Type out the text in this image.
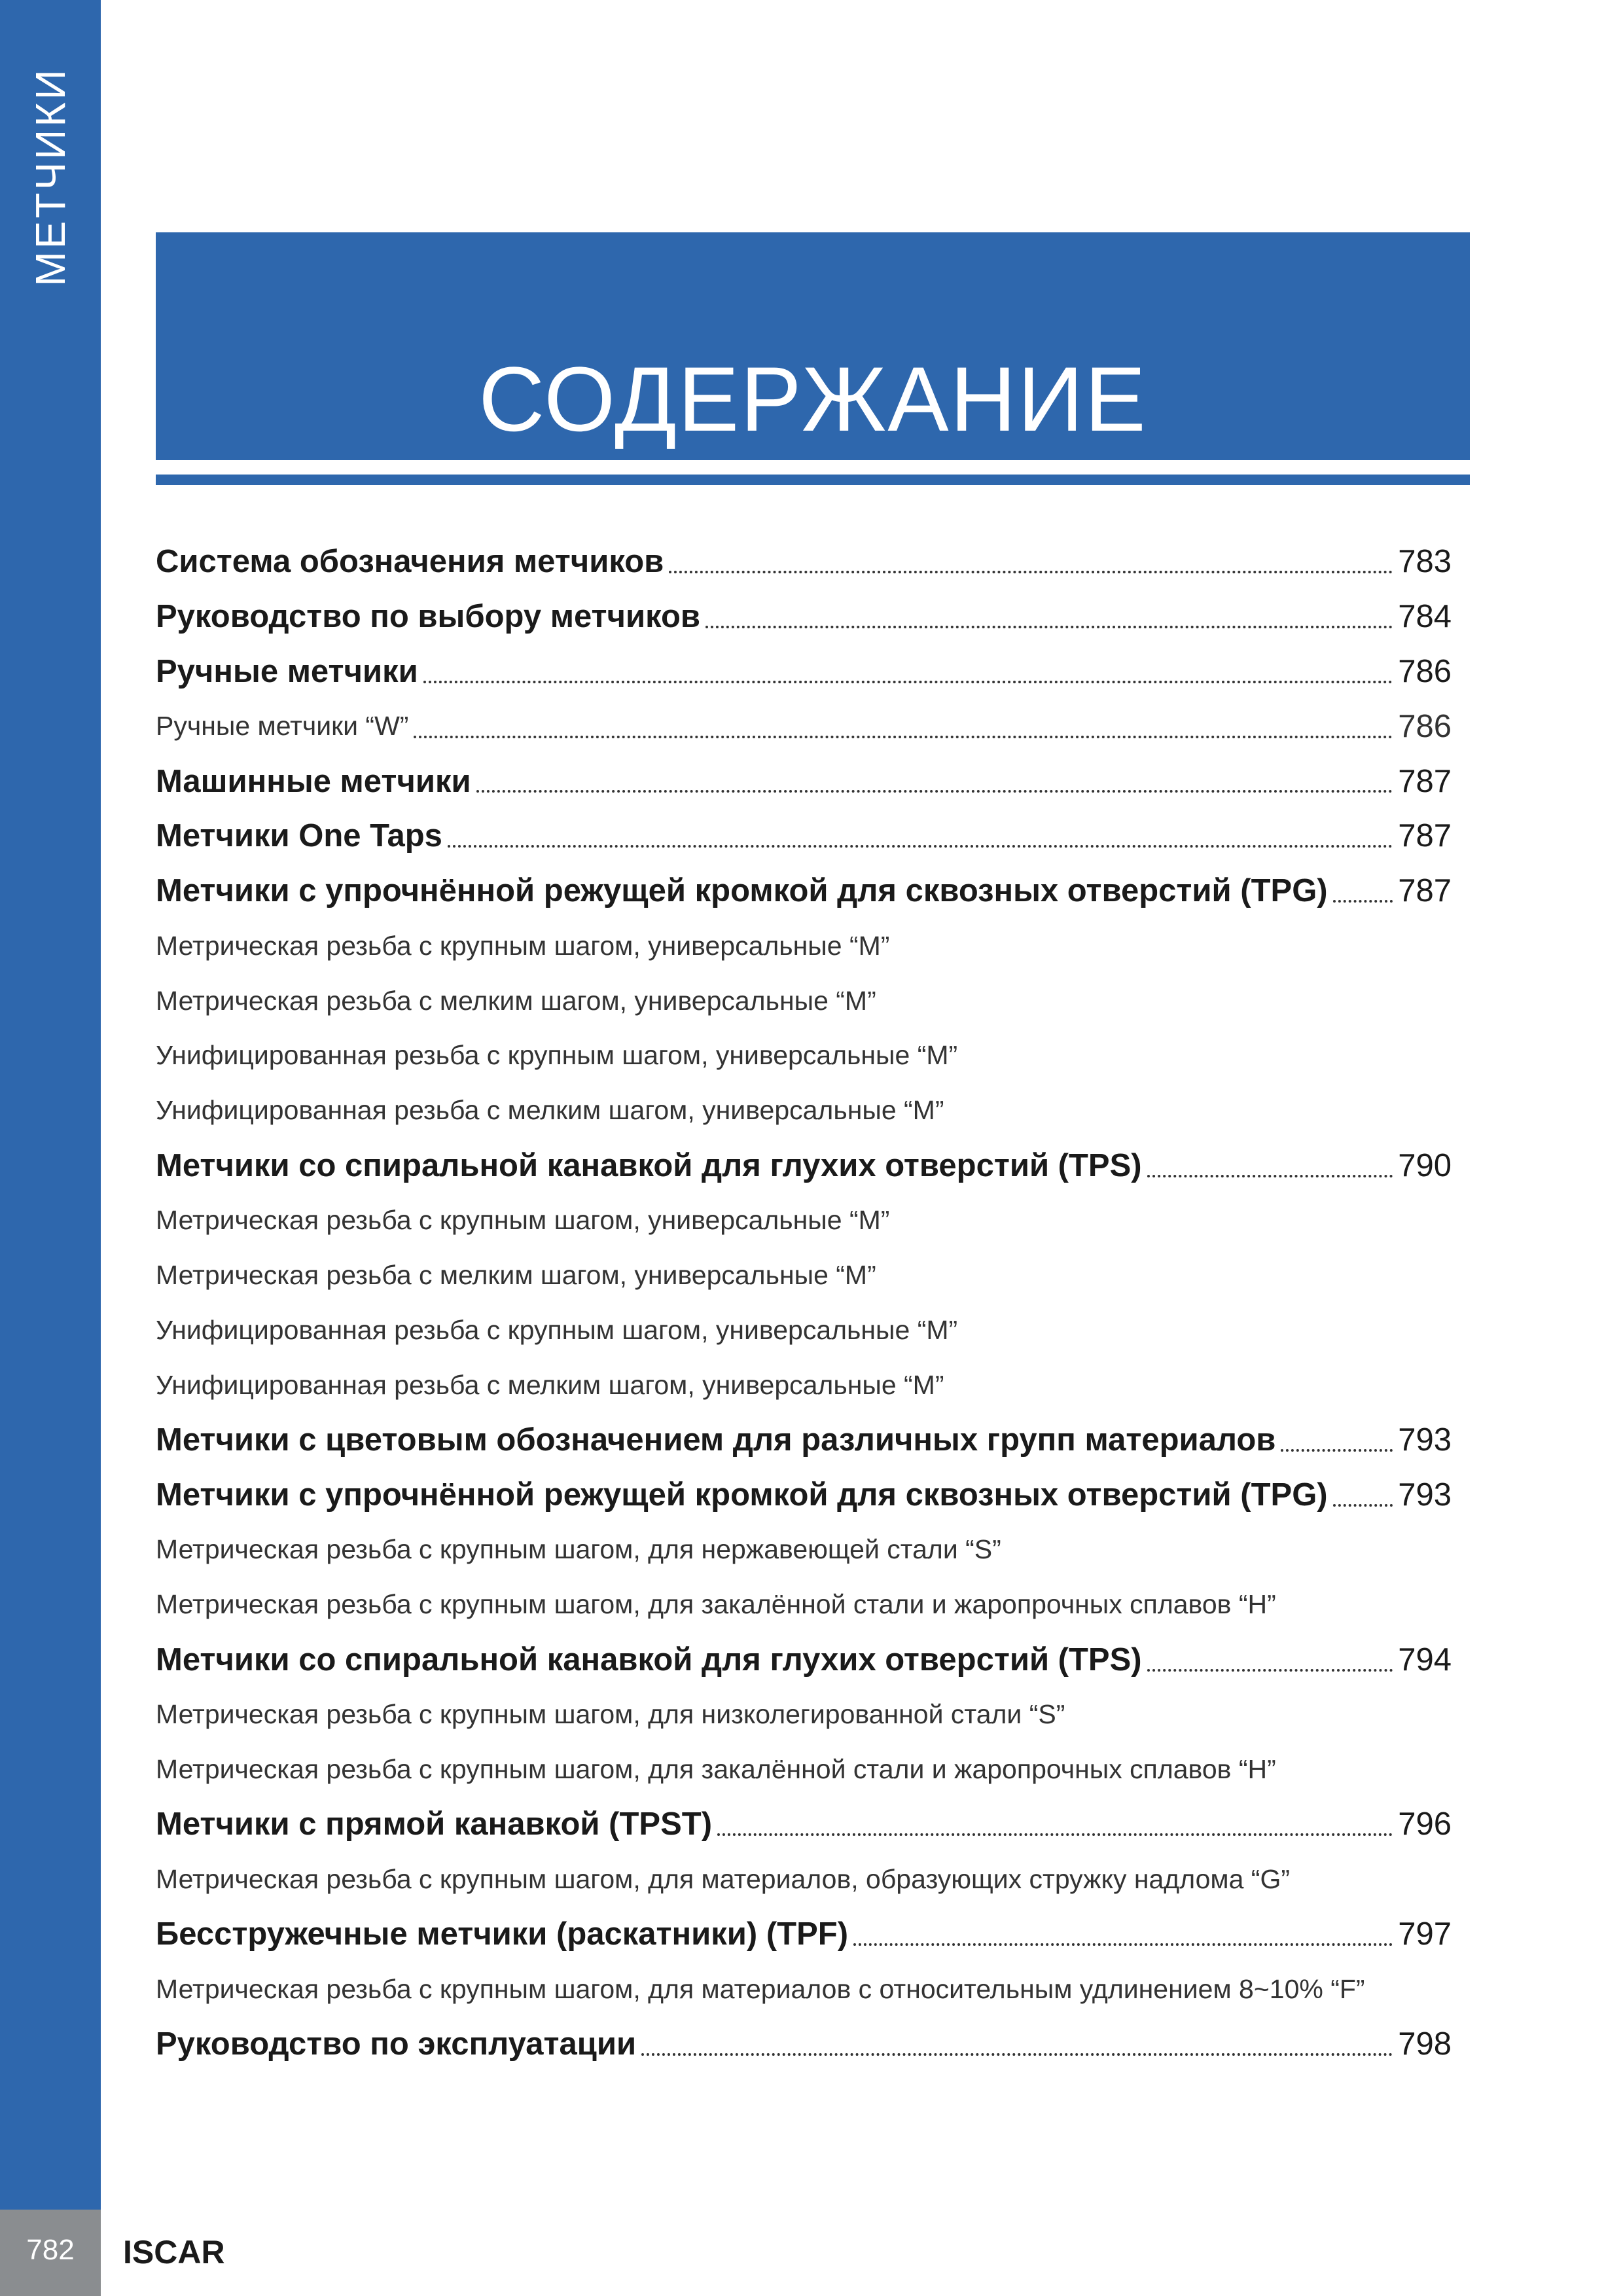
МЕТЧИКИ
СОДЕРЖАНИЕ
Система обозначения метчиков	783
Руководство по выбору метчиков	784
Ручные метчики	786
Ручные метчики “W”	786
Машинные метчики	787
Метчики One Taps	787
Метчики с упрочнённой режущей кромкой для сквозных отверстий (TPG) 787
Метрическая резьба с крупным шагом, универсальные “M”
Метрическая резьба с мелким шагом, универсальные “M”
Унифицированная резьба с крупным шагом, универсальные “M”
Унифицированная резьба с мелким шагом, универсальные “M”
Метчики со спиральной канавкой для глухих отверстий (TPS)	790
Метрическая резьба с крупным шагом, универсальные “M”
Метрическая резьба с мелким шагом, универсальные “M”
Унифицированная резьба с крупным шагом, универсальные “M”
Унифицированная резьба с мелким шагом, универсальные “M”
Метчики с цветовым обозначением для различных групп материалов	793
Метчики с упрочнённой режущей кромкой для сквозных отверстий (TPG) 793
Метрическая резьба с крупным шагом, для нержавеющей стали “S”
Метрическая резьба с крупным шагом, для закалённой стали и жаропрочных сплавов “H”
Метчики со спиральной канавкой для глухих отверстий (TPS)	794
Метрическая резьба с крупным шагом, для низколегированной стали “S”
Метрическая резьба с крупным шагом, для закалённой стали и жаропрочных сплавов “H”
Метчики с прямой канавкой (TPST)	796
Метрическая резьба с крупным шагом, для материалов, образующих стружку надлома “G”
Бесстружечные метчики (раскатники) (TPF)	797
Метрическая резьба с крупным шагом, для материалов с относительным удлинением 8~10% “F”
Руководство по эксплуатации	798
782	ISCAR
